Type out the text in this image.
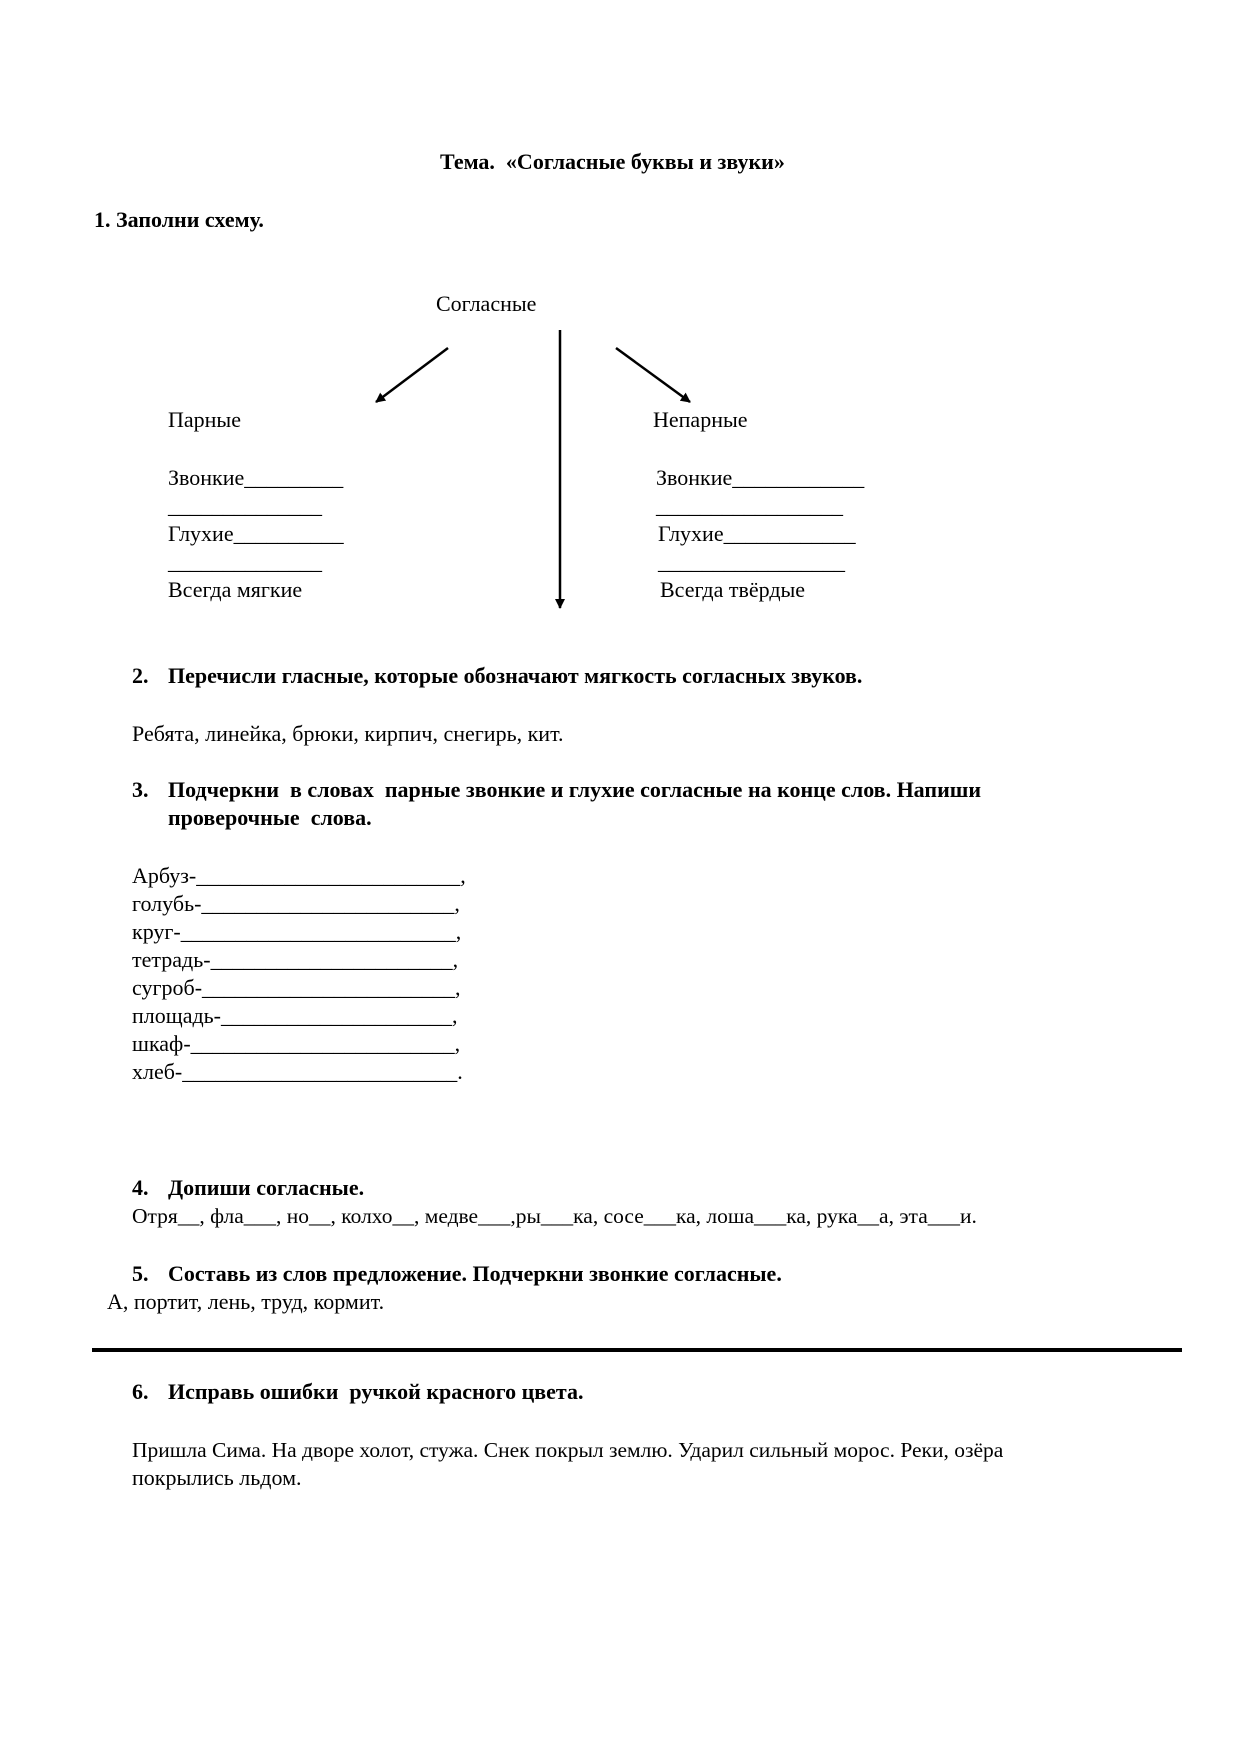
Тема.  «Согласные буквы и звуки»
1. Заполни схему.
Согласные
Парные
Звонкие_________
______________
Глухие__________
______________
Всегда мягкие
Непарные
Звонкие____________
_________________
Глухие____________
_________________
Всегда твёрдые
2. Перечисли гласные, которые обозначают мягкость согласных звуков.
Ребята, линейка, брюки, кирпич, снегирь, кит.
3. Подчеркни  в словах  парные звонкие и глухие согласные на конце слов. Напиши
проверочные  слова.
Арбуз-________________________,
голубь-_______________________,
круг-_________________________,
тетрадь-______________________,
сугроб-_______________________,
площадь-_____________________,
шкаф-________________________,
хлеб-_________________________.
4. Допиши согласные.
Отря__, фла___, но__, колхо__, медве___,ры___ка, сосе___ка, лоша___ка, рука__а, эта___и.
5. Составь из слов предложение. Подчеркни звонкие согласные.
А, портит, лень, труд, кормит.
6. Исправь ошибки  ручкой красного цвета.
Пришла Сима. На дворе холот, стужа. Снек покрыл землю. Ударил сильный морос. Реки, озёра
покрылись льдом.
